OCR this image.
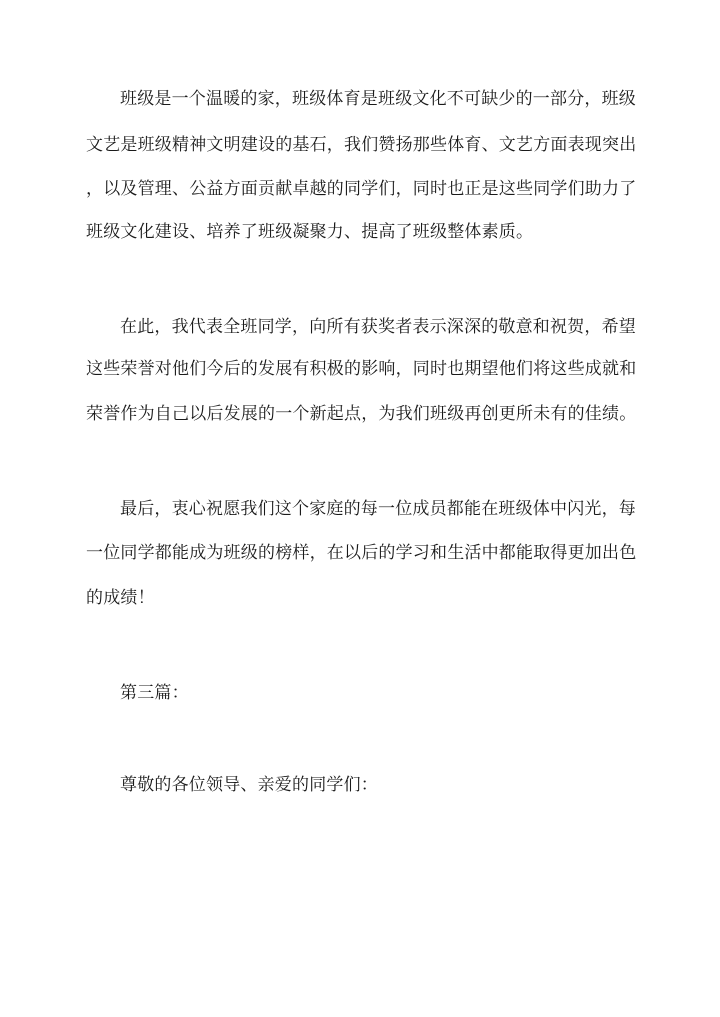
班级是一个温暖的家，班级体育是班级文化不可缺少的一部分，班级
文艺是班级精神文明建设的基石，我们赞扬那些体育、文艺方面表现突出
，以及管理、公益方面贡献卓越的同学们，同时也正是这些同学们助力了
班级文化建设、培养了班级凝聚力、提高了班级整体素质。
在此，我代表全班同学，向所有获奖者表示深深的敬意和祝贺，希望
这些荣誉对他们今后的发展有积极的影响，同时也期望他们将这些成就和
荣誉作为自己以后发展的一个新起点，为我们班级再创更所未有的佳绩。
最后，衷心祝愿我们这个家庭的每一位成员都能在班级体中闪光，每
一位同学都能成为班级的榜样，在以后的学习和生活中都能取得更加出色
的成绩！
第三篇：
尊敬的各位领导、亲爱的同学们：
